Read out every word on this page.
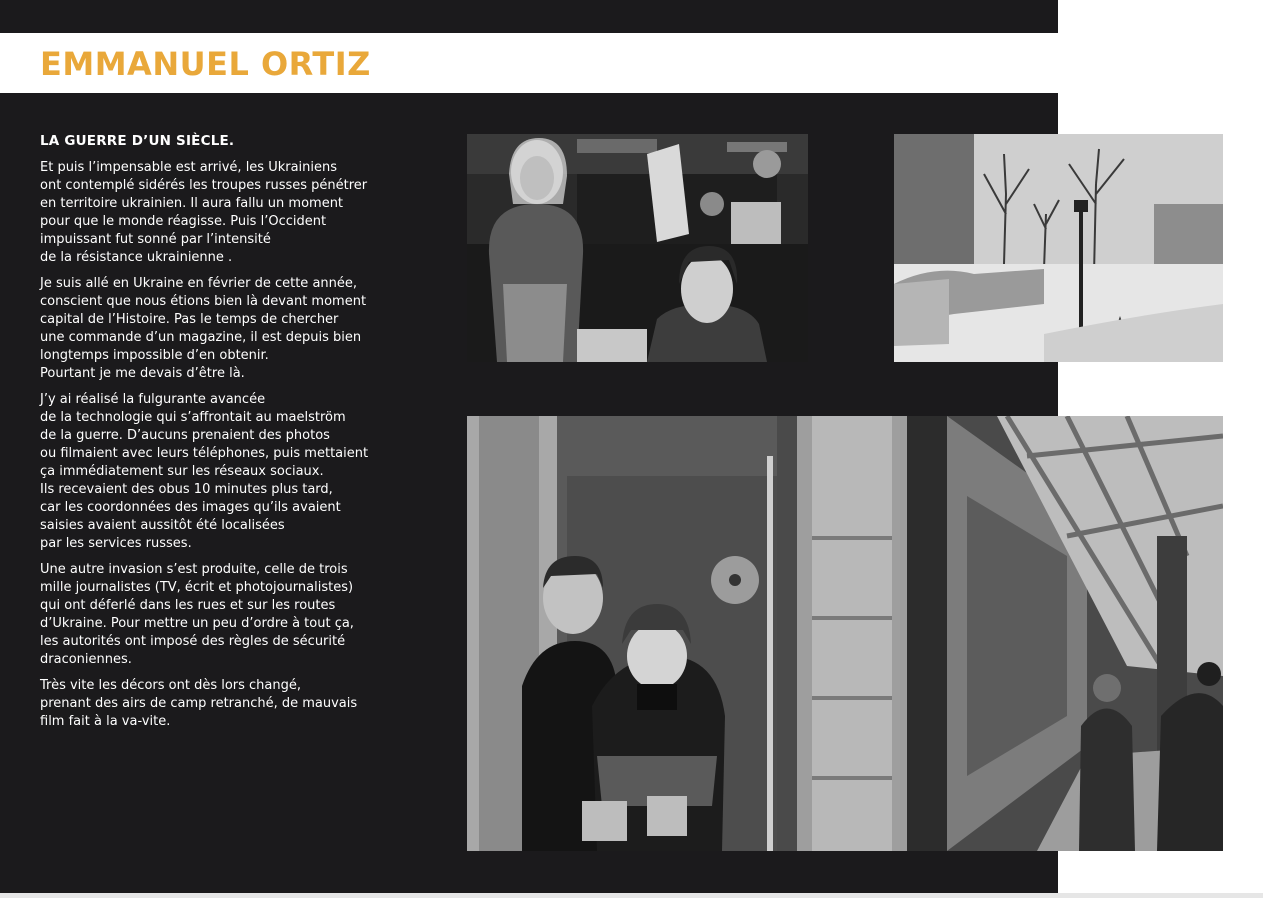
EMMANUEL ORTIZ
LA GUERRE D’UN SIÈCLE.

Et puis l’impensable est arrivé, les Ukrainiens
ont contemplé sidérés les troupes russes pénétrer
en territoire ukrainien. Il aura fallu un moment
pour que le monde réagisse. Puis l’Occident
impuissant fut sonné par l’intensité
de la résistance ukrainienne .

Je suis allé en Ukraine en février de cette année,
conscient que nous étions bien là devant moment
capital de l’Histoire. Pas le temps de chercher
une commande d’un magazine, il est depuis bien
longtemps impossible d’en obtenir.
Pourtant je me devais d’être là.

J’y ai réalisé la fulgurante avancée
de la technologie qui s’affrontait au maelström
de la guerre. D’aucuns prenaient des photos
ou filmaient avec leurs téléphones, puis mettaient
ça immédiatement sur les réseaux sociaux.
Ils recevaient des obus 10 minutes plus tard,
car les coordonnées des images qu’ils avaient
saisies avaient aussitôt été localisées
par les services russes.

Une autre invasion s’est produite, celle de trois
mille journalistes (TV, écrit et photojournalistes)
qui ont déferlé dans les rues et sur les routes
d’Ukraine. Pour mettre un peu d’ordre à tout ça,
les autorités ont imposé des règles de sécurité
draconiennes.

Très vite les décors ont dès lors changé,
prenant des airs de camp retranché, de mauvais
film fait à la va-vite.
